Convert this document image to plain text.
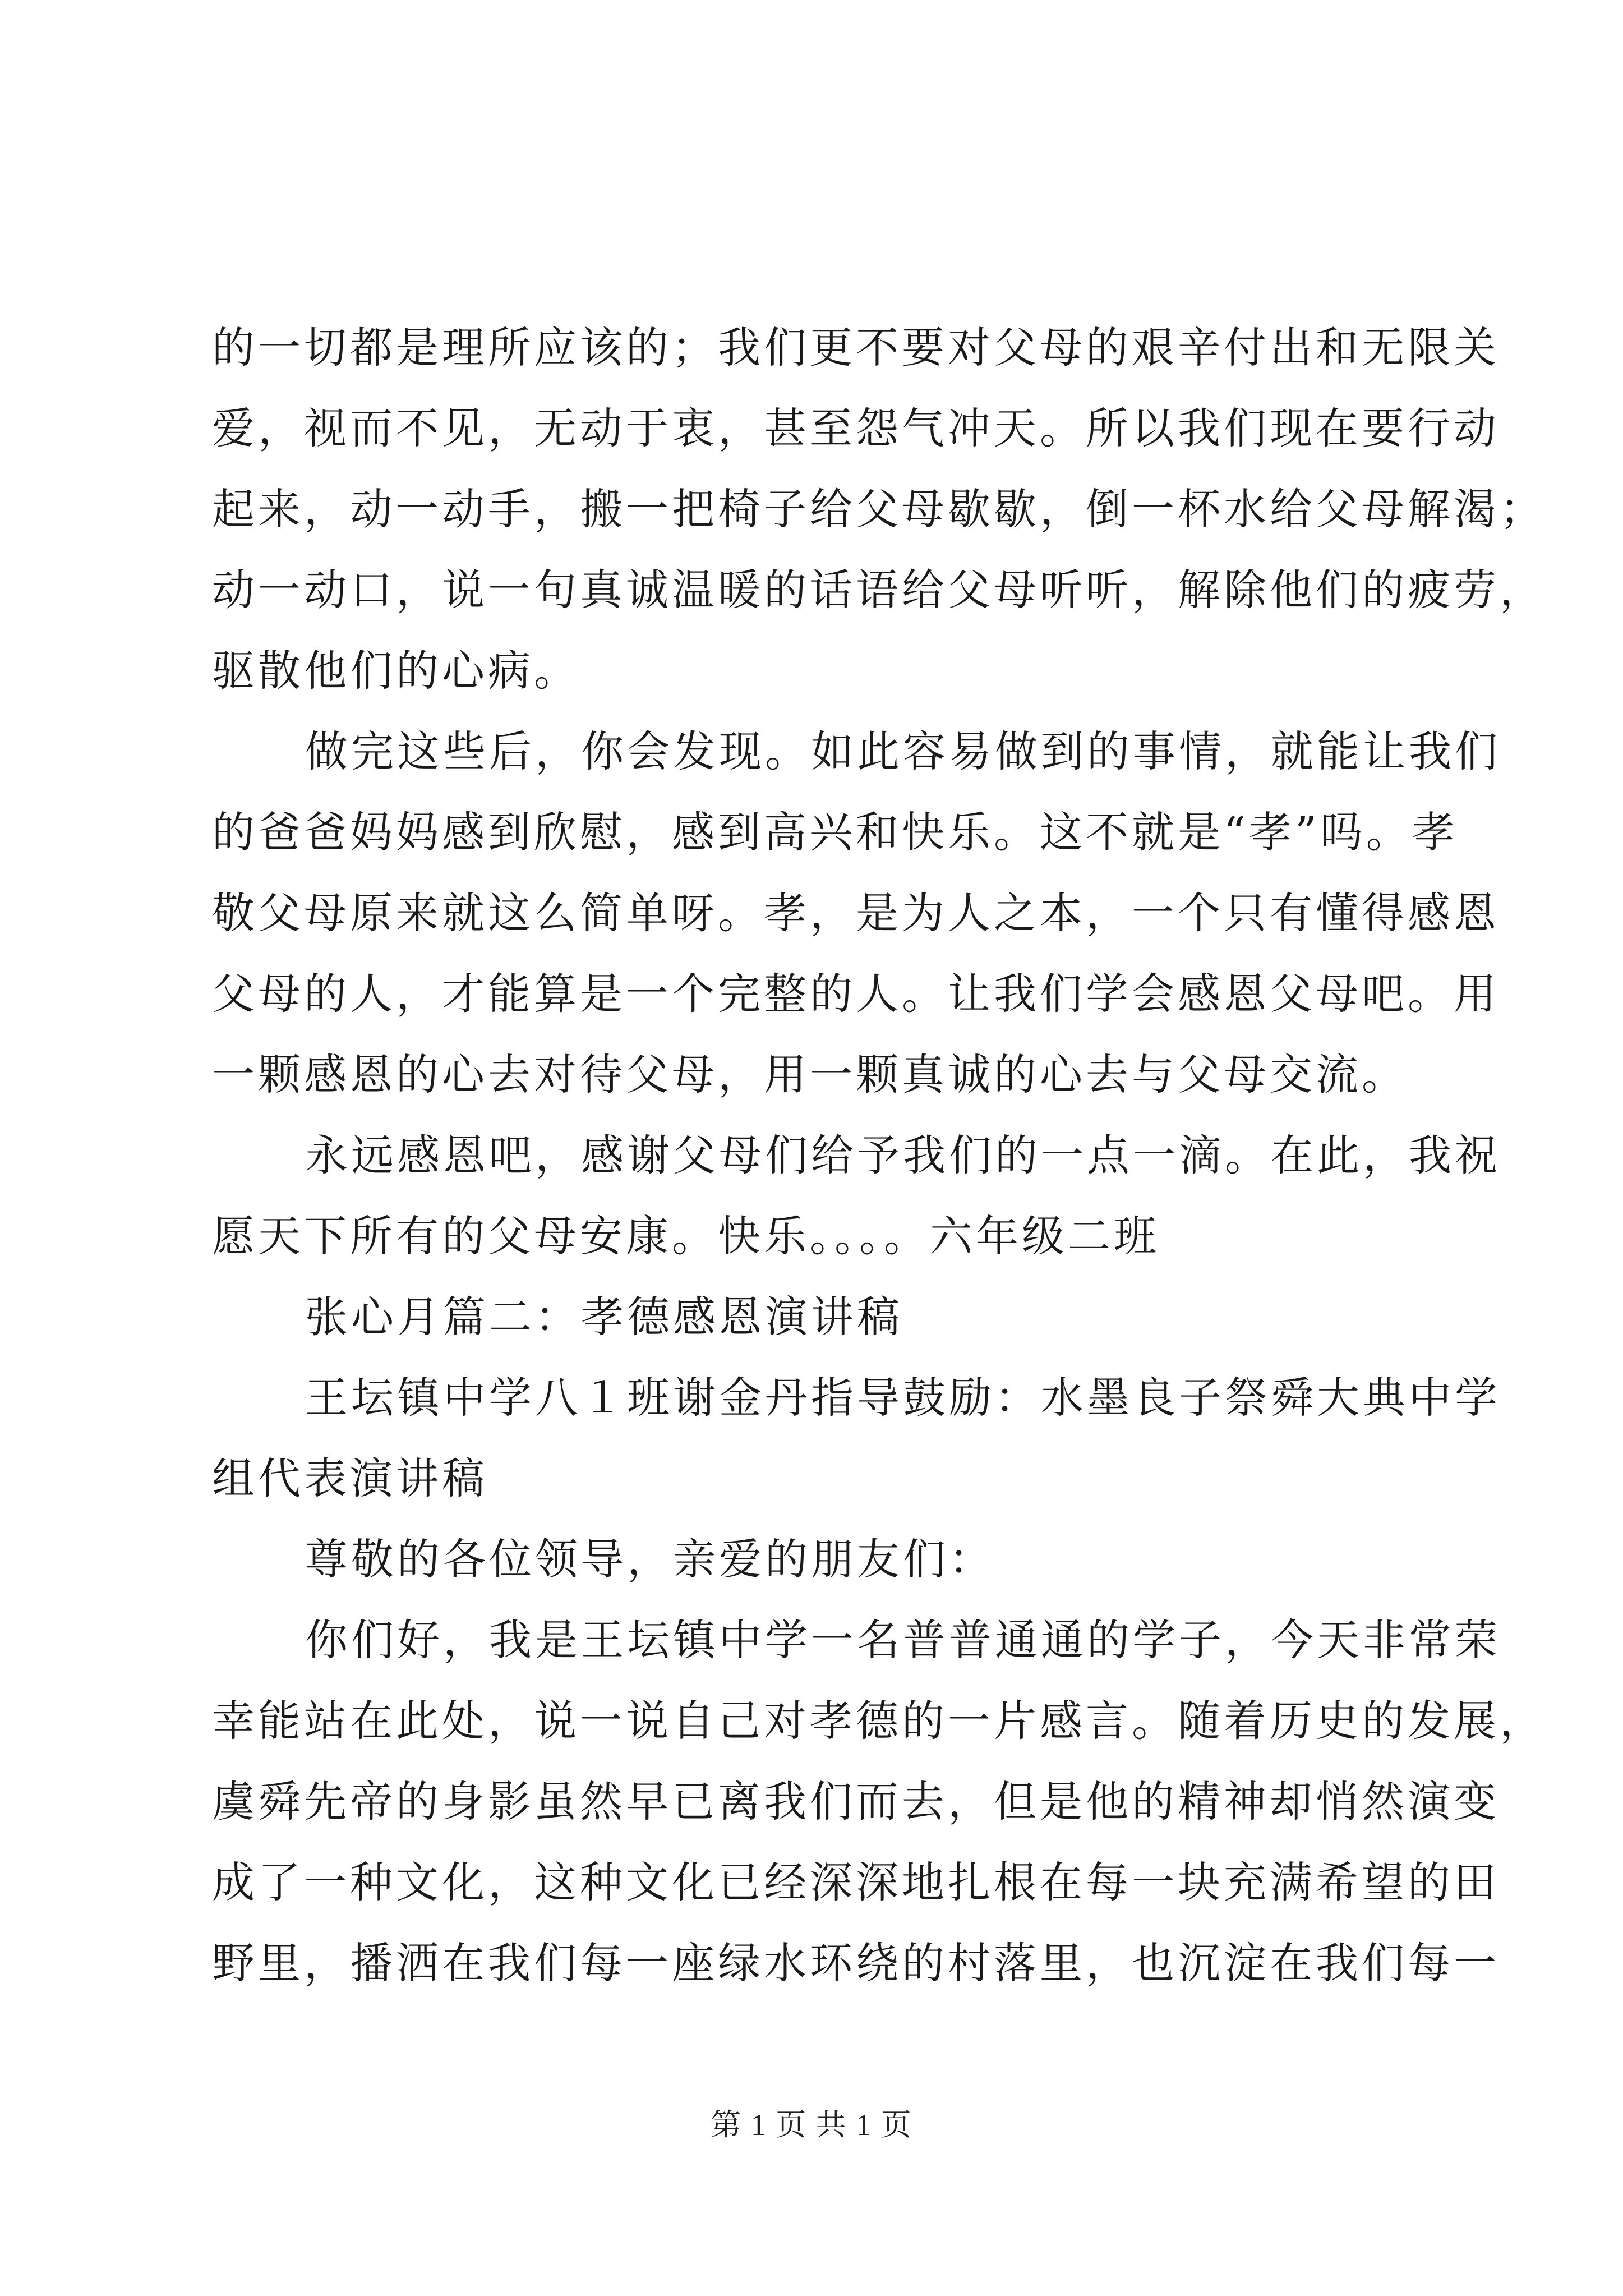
的一切都是理所应该的；我们更不要对父母的艰辛付出和无限关
爱，视而不见，无动于衷，甚至怨气冲天。所以我们现在要行动
起来，动一动手，搬一把椅子给父母歇歇，倒一杯水给父母解渴；
动一动口，说一句真诚温暖的话语给父母听听，解除他们的疲劳，
驱散他们的心病。
做完这些后，你会发现。如此容易做到的事情，就能让我们
的爸爸妈妈感到欣慰，感到高兴和快乐。这不就是“孝”吗。孝
敬父母原来就这么简单呀。孝，是为人之本，一个只有懂得感恩
父母的人，才能算是一个完整的人。让我们学会感恩父母吧。用
一颗感恩的心去对待父母，用一颗真诚的心去与父母交流。
永远感恩吧，感谢父母们给予我们的一点一滴。在此，我祝
愿天下所有的父母安康。快乐。。。。六年级二班
张心月篇二：孝德感恩演讲稿
王坛镇中学八１班谢金丹指导鼓励：水墨良子祭舜大典中学
组代表演讲稿
尊敬的各位领导，亲爱的朋友们：
你们好，我是王坛镇中学一名普普通通的学子，今天非常荣
幸能站在此处，说一说自己对孝德的一片感言。随着历史的发展，
虞舜先帝的身影虽然早已离我们而去，但是他的精神却悄然演变
成了一种文化，这种文化已经深深地扎根在每一块充满希望的田
野里，播洒在我们每一座绿水环绕的村落里，也沉淀在我们每一
第 1 页 共 1 页
